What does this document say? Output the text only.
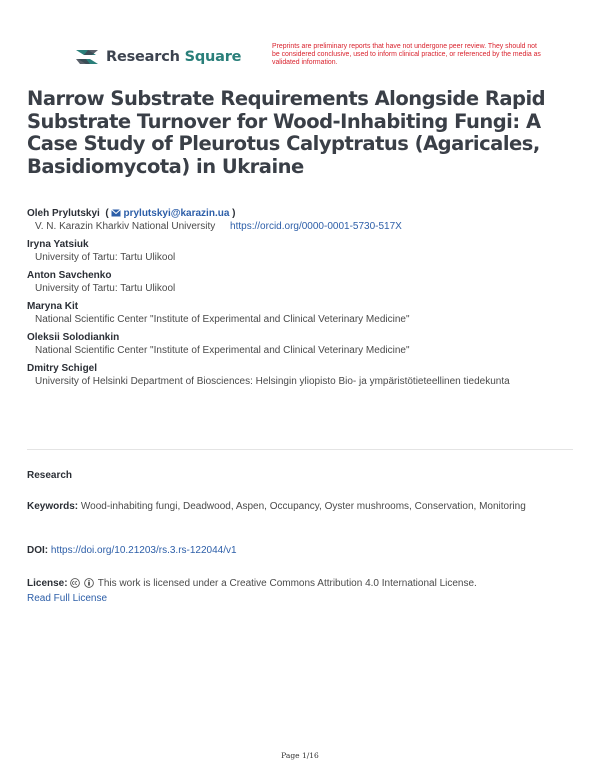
Research Square
Preprints are preliminary reports that have not undergone peer review. They should not be considered conclusive, used to inform clinical practice, or referenced by the media as validated information.
Narrow Substrate Requirements Alongside Rapid Substrate Turnover for Wood-Inhabiting Fungi: A Case Study of Pleurotus Calyptratus (Agaricales, Basidiomycota) in Ukraine
Oleh Prylutskyi  ( prylutskyi@karazin.ua )
V. N. Karazin Kharkiv National University https://orcid.org/0000-0001-5730-517X
Iryna Yatsiuk
University of Tartu: Tartu Ulikool
Anton Savchenko
University of Tartu: Tartu Ulikool
Maryna Kit
National Scientific Center "Institute of Experimental and Clinical Veterinary Medicine"
Oleksii Solodiankin
National Scientific Center "Institute of Experimental and Clinical Veterinary Medicine"
Dmitry Schigel
University of Helsinki Department of Biosciences: Helsingin yliopisto Bio- ja ympäristötieteellinen tiedekunta
Research
Keywords: Wood-inhabiting fungi, Deadwood, Aspen, Occupancy, Oyster mushrooms, Conservation, Monitoring
DOI: https://doi.org/10.21203/rs.3.rs-122044/v1
License:	This work is licensed under a Creative Commons Attribution 4.0 International License.
Read Full License
Page 1/16
